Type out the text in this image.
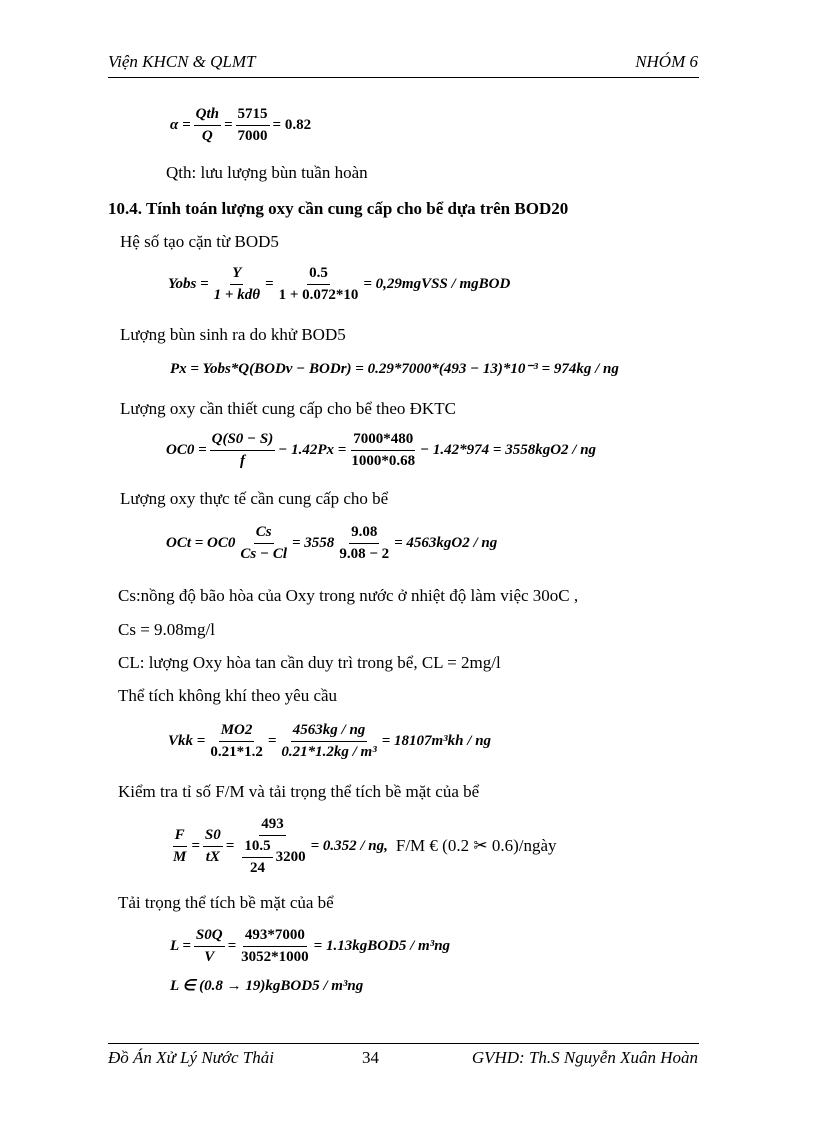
Viện KHCN & QLMT	NHÓM 6
α =
Qth
Q
= $\frac{5715}{7000} = 0.82$
Qth: lưu lượng bùn tuần hoàn
10.4. Tính toán lượng oxy cần cung cấp cho bể dựa trên BOD20
Hệ số tạo cặn từ BOD5
Yobs =
Y
1 + kdθ
= $\frac{0.5}{1 + 0.072*10}$ = 0,29mgVSS / mgBOD
Lượng bùn sinh ra do khử BOD5
Px = Yobs*Q(BODv − BODr) = 0.29*7000*(493 − 13)*10⁻³ = 974kg / ng
Lượng oxy cần thiết cung cấp cho bể theo ĐKTC
$OC0 = \frac{Q(S0 - S)}{f} - 1.42Px = \frac{7000*480}{1000*0.68} - 1.42*974 = 3558kgO2$ / ng
Lượng oxy thực tế cần cung cấp cho bể
OCt = $OC0 \frac{Cs}{Cs - Cl} = 3558 \frac{9.08}{9.08 - 2} = 4563kgO2$ / ng
Cs:nồng độ bão hòa của Oxy trong nước ở nhiệt độ làm việc 30oC ,
Cs = 9.08mg/l
CL: lượng Oxy hòa tan cần duy trì trong bể, CL = 2mg/l
Thể tích không khí theo yêu cầu
Vkk = $\frac{MO2}{0.21*1.2} = \frac{4563kg / ng}{\text{0.21*1.2kg / m³}} = 18107m^3kh$ / ng
Kiểm tra tỉ số F/M và tải trọng thể tích bề mặt của bể
$\frac{F}{M} = \frac{S0}{tX} = \frac{493}{\frac{10.5}{24} 3200} = 0.352$ / ng, F/M € (0.2 ✂ 0.6)/ngày
Tải trọng thể tích bề mặt của bể
$L = \frac{S0Q}{V} = \frac{493*7000}{3052*1000}$ = 1.13kgBOD5 / m³ng
L ∈ (0.8 → 19)kgBOD5 / m³ng
Đồ Án Xử Lý Nước Thải	34	GVHD: Th.S Nguyễn Xuân Hoàn
